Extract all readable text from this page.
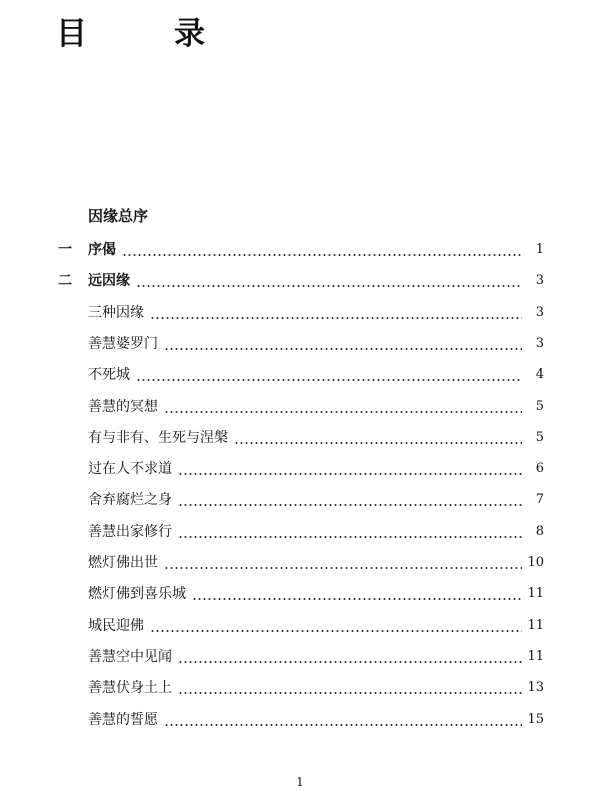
目　录
因缘总序
一 序偈	1
二 远因缘	3
三种因缘	3
善慧婆罗门	3
不死城	4
善慧的冥想	5
有与非有、生死与涅槃	5
过在人不求道	6
舍弃腐烂之身	7
善慧出家修行	8
燃灯佛出世	10
燃灯佛到喜乐城	11
城民迎佛	11
善慧空中见闻	11
善慧伏身土上	13
善慧的誓愿	15
1
